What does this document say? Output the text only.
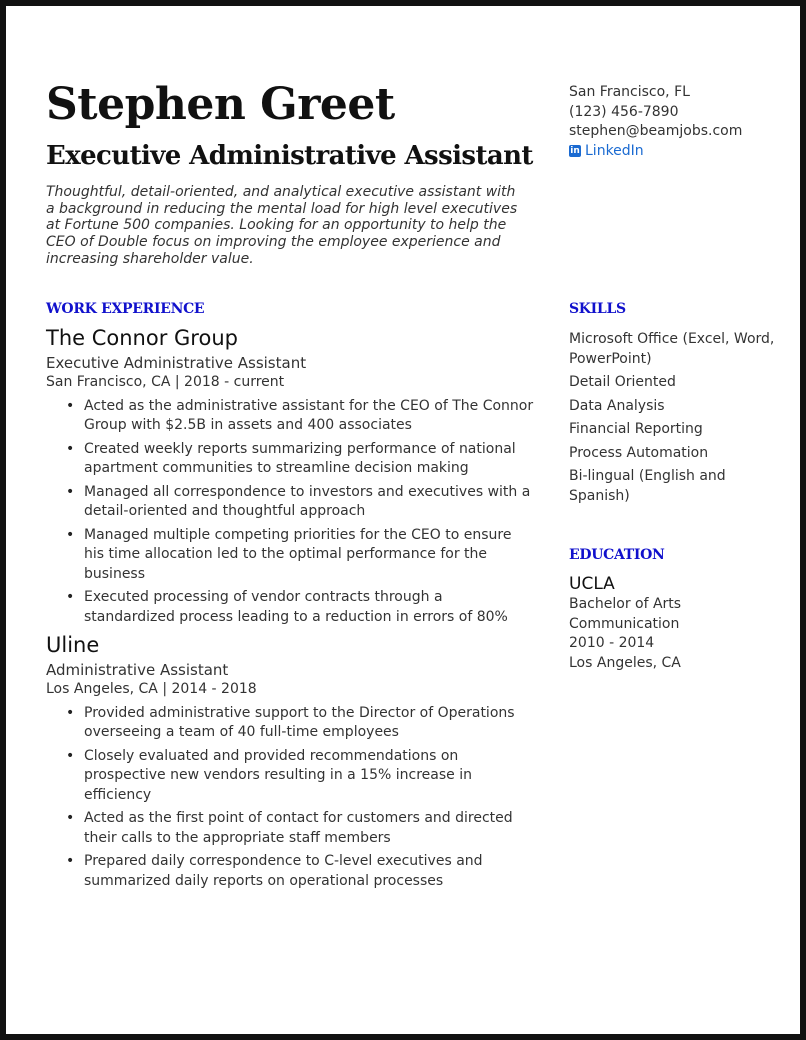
Stephen Greet
Executive Administrative Assistant

Thoughtful, detail-oriented, and analytical executive assistant with a background in reducing the mental load for high level executives at Fortune 500 companies. Looking for an opportunity to help the CEO of Double focus on improving the employee experience and increasing shareholder value.

San Francisco, FL
(123) 456-7890
stephen@beamjobs.com
in LinkedIn
WORK EXPERIENCE

The Connor Group

Executive Administrative Assistant

San Francisco, CA | 2018 - current

• Acted as the administrative assistant for the CEO of The Connor Group with $2.5B in assets and 400 associates
• Created weekly reports summarizing performance of national apartment communities to streamline decision making
• Managed all correspondence to investors and executives with a detail-oriented and thoughtful approach
• Managed multiple competing priorities for the CEO to ensure his time allocation led to the optimal performance for the business
• Executed processing of vendor contracts through a standardized process leading to a reduction in errors of 80%

Uline

Administrative Assistant

Los Angeles, CA | 2014 - 2018

• Provided administrative support to the Director of Operations overseeing a team of 40 full-time employees
• Closely evaluated and provided recommendations on prospective new vendors resulting in a 15% increase in efficiency
• Acted as the first point of contact for customers and directed their calls to the appropriate staff members
• Prepared daily correspondence to C-level executives and summarized daily reports on operational processes
SKILLS

Microsoft Office (Excel, Word, PowerPoint)

Detail Oriented

Data Analysis

Financial Reporting

Process Automation

Bi-lingual (English and Spanish)

EDUCATION

UCLA

Bachelor of Arts

Communication

2010 - 2014

Los Angeles, CA
